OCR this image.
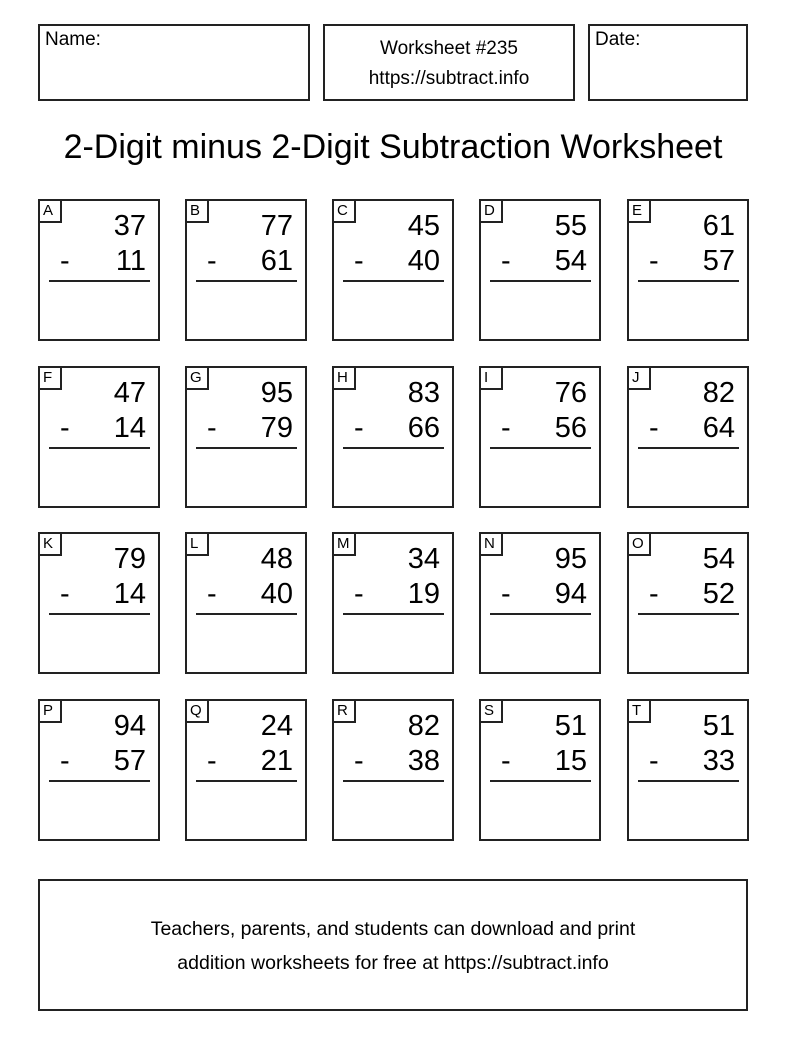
Name:	Worksheet #235
https://subtract.info
Date:
2-Digit minus 2-Digit Subtraction Worksheet
A	37
- 11
B	77
- 61
C 45
- 40
D 55
- 54
E	61
- 57
F	47
- 14
G 95
- 79
H 83
- 66
I	76
- 56
J	82
- 64
K	79
- 14
L	48
- 40
M 34
- 19
N 95
- 94
O 54
- 52
P	94
- 57
Q 24
- 21
R 82
- 38
S	51
- 15
T	51
- 33
Teachers, parents, and students can download and print
addition worksheets for free at https://subtract.info
